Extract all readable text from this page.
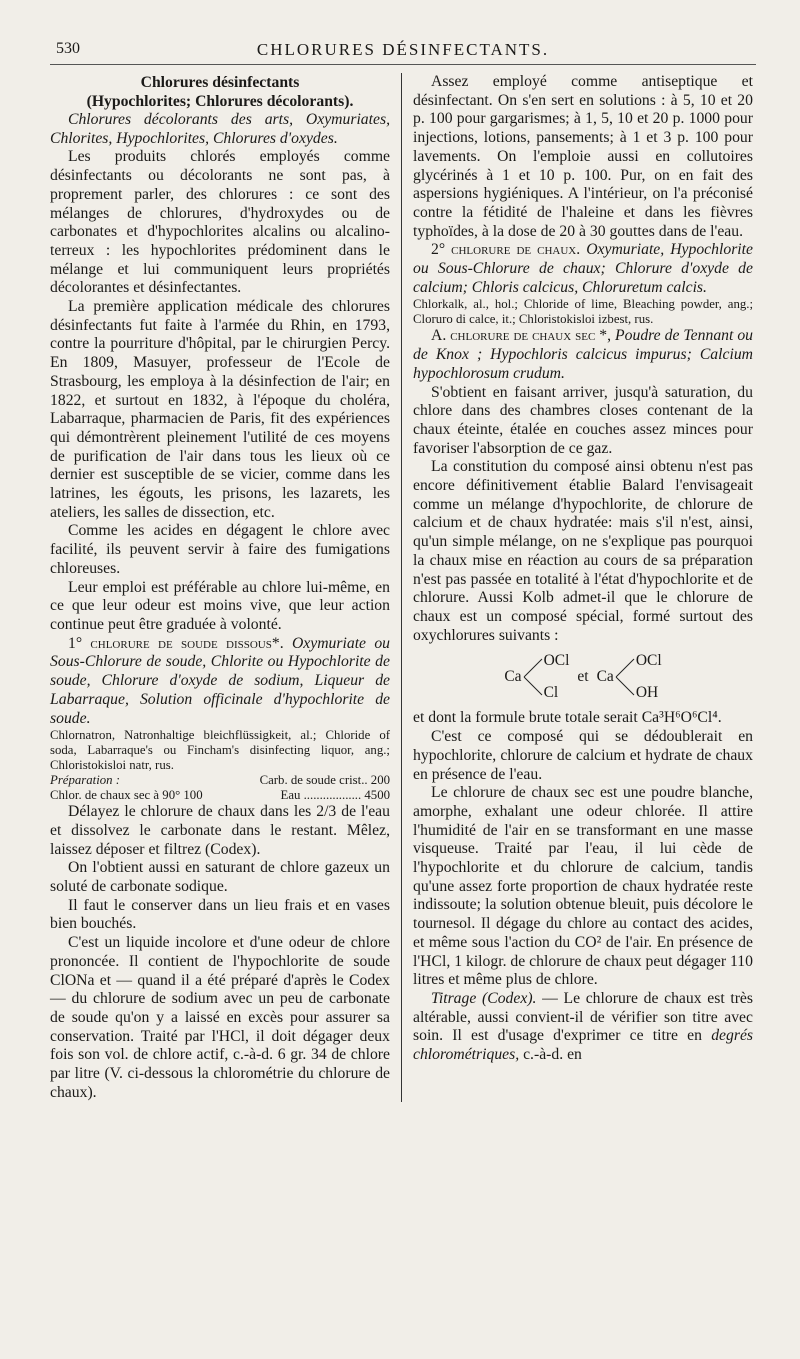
530	CHLORURES DÉSINFECTANTS.

Chlorures désinfectants

(Hypochlorites; Chlorures décolorants).

Chlorures décolorants des arts, Oxymuriates, Chlorites, Hypochlorites, Chlorures d'oxydes.

Les produits chlorés employés comme désinfectants ou décolorants ne sont pas, à proprement parler, des chlorures : ce sont des mélanges de chlorures, d'hydroxydes ou de carbonates et d'hypochlorites alcalins ou alcalino-terreux : les hypochlorites prédominent dans le mélange et lui communiquent leurs propriétés décolorantes et désinfectantes.

La première application médicale des chlorures désinfectants fut faite à l'armée du Rhin, en 1793, contre la pourriture d'hôpital, par le chirurgien Percy. En 1809, Masuyer, professeur de l'Ecole de Strasbourg, les employa à la désinfection de l'air; en 1822, et surtout en 1832, à l'époque du choléra, Labarraque, pharmacien de Paris, fit des expériences qui démontrèrent pleinement l'utilité de ces moyens de purification de l'air dans tous les lieux où ce dernier est susceptible de se vicier, comme dans les latrines, les égouts, les prisons, les lazarets, les ateliers, les salles de dissection, etc.

Comme les acides en dégagent le chlore avec facilité, ils peuvent servir à faire des fumigations chloreuses.

Leur emploi est préférable au chlore lui-même, en ce que leur odeur est moins vive, que leur action continue peut être graduée à volonté.

1° chlorure de soude dissous*. Oxymuriate ou Sous-Chlorure de soude, Chlorite ou Hypochlorite de soude, Chlorure d'oxyde de sodium, Liqueur de Labarraque, Solution officinale d'hypochlorite de soude.

Chlornatron, Natronhaltige bleichflüssigkeit, al.; Chloride of soda, Labarraque's ou Fincham's disinfecting liquor, ang.; Chloristokisloi natr, rus.

Préparation :	Carb. de soude crist.. 200
Chlor. de chaux sec à 90° 100	Eau .................. 4500

Délayez le chlorure de chaux dans les 2/3 de l'eau et dissolvez le carbonate dans le restant. Mêlez, laissez déposer et filtrez (Codex).

On l'obtient aussi en saturant de chlore gazeux un soluté de carbonate sodique.

Il faut le conserver dans un lieu frais et en vases bien bouchés.

C'est un liquide incolore et d'une odeur de chlore prononcée. Il contient de l'hypochlorite de soude ClONa et — quand il a été préparé d'après le Codex — du chlorure de sodium avec un peu de carbonate de soude qu'on y a laissé en excès pour assurer sa conservation. Traité par l'HCl, il doit dégager deux fois son vol. de chlore actif, c.-à-d. 6 gr. 34 de chlore par litre (V. ci-dessous la chlorométrie du chlorure de chaux).

Assez employé comme antiseptique et désinfectant. On s'en sert en solutions : à 5, 10 et 20 p. 100 pour gargarismes; à 1, 5, 10 et 20 p. 1000 pour injections, lotions, pansements; à 1 et 3 p. 100 pour lavements. On l'emploie aussi en collutoires glycérinés à 1 et 10 p. 100. Pur, on en fait des aspersions hygiéniques. A l'intérieur, on l'a préconisé contre la fétidité de l'haleine et dans les fièvres typhoïdes, à la dose de 20 à 30 gouttes dans de l'eau.

2° chlorure de chaux. Oxymuriate, Hypochlorite ou Sous-Chlorure de chaux; Chlorure d'oxyde de calcium; Chloris calcicus, Chloruretum calcis.

Chlorkalk, al., hol.; Chloride of lime, Bleaching powder, ang.; Cloruro di calce, it.; Chloristokisloi izbest, rus.

A. chlorure de chaux sec *, Poudre de Tennant ou de Knox ; Hypochloris calcicus impurus; Calcium hypochlorosum crudum.

S'obtient en faisant arriver, jusqu'à saturation, du chlore dans des chambres closes contenant de la chaux éteinte, étalée en couches assez minces pour favoriser l'absorption de ce gaz.

La constitution du composé ainsi obtenu n'est pas encore définitivement établie Balard l'envisageait comme un mélange d'hypochlorite, de chlorure de calcium et de chaux hydratée: mais s'il n'est, ainsi, qu'un simple mélange, on ne s'explique pas pourquoi la chaux mise en réaction au cours de sa préparation n'est pas passée en totalité à l'état d'hypochlorite et de chlorure. Aussi Kolb admet-il que le chlorure de chaux est un composé spécial, formé surtout des oxychlorures suivants :

Ca
OCl
Cl
et Ca
OCl
OH

et dont la formule brute totale serait Ca³H⁶O⁶Cl⁴.

C'est ce composé qui se dédoublerait en hypochlorite, chlorure de calcium et hydrate de chaux en présence de l'eau.

Le chlorure de chaux sec est une poudre blanche, amorphe, exhalant une odeur chlorée. Il attire l'humidité de l'air en se transformant en une masse visqueuse. Traité par l'eau, il lui cède de l'hypochlorite et du chlorure de calcium, tandis qu'une assez forte proportion de chaux hydratée reste indissoute; la solution obtenue bleuit, puis décolore le tournesol. Il dégage du chlore au contact des acides, et même sous l'action du CO² de l'air. En présence de l'HCl, 1 kilogr. de chlorure de chaux peut dégager 110 litres et même plus de chlore.

Titrage (Codex). — Le chlorure de chaux est très altérable, aussi convient-il de vérifier son titre avec soin. Il est d'usage d'exprimer ce titre en degrés chlorométriques, c.-à-d. en
